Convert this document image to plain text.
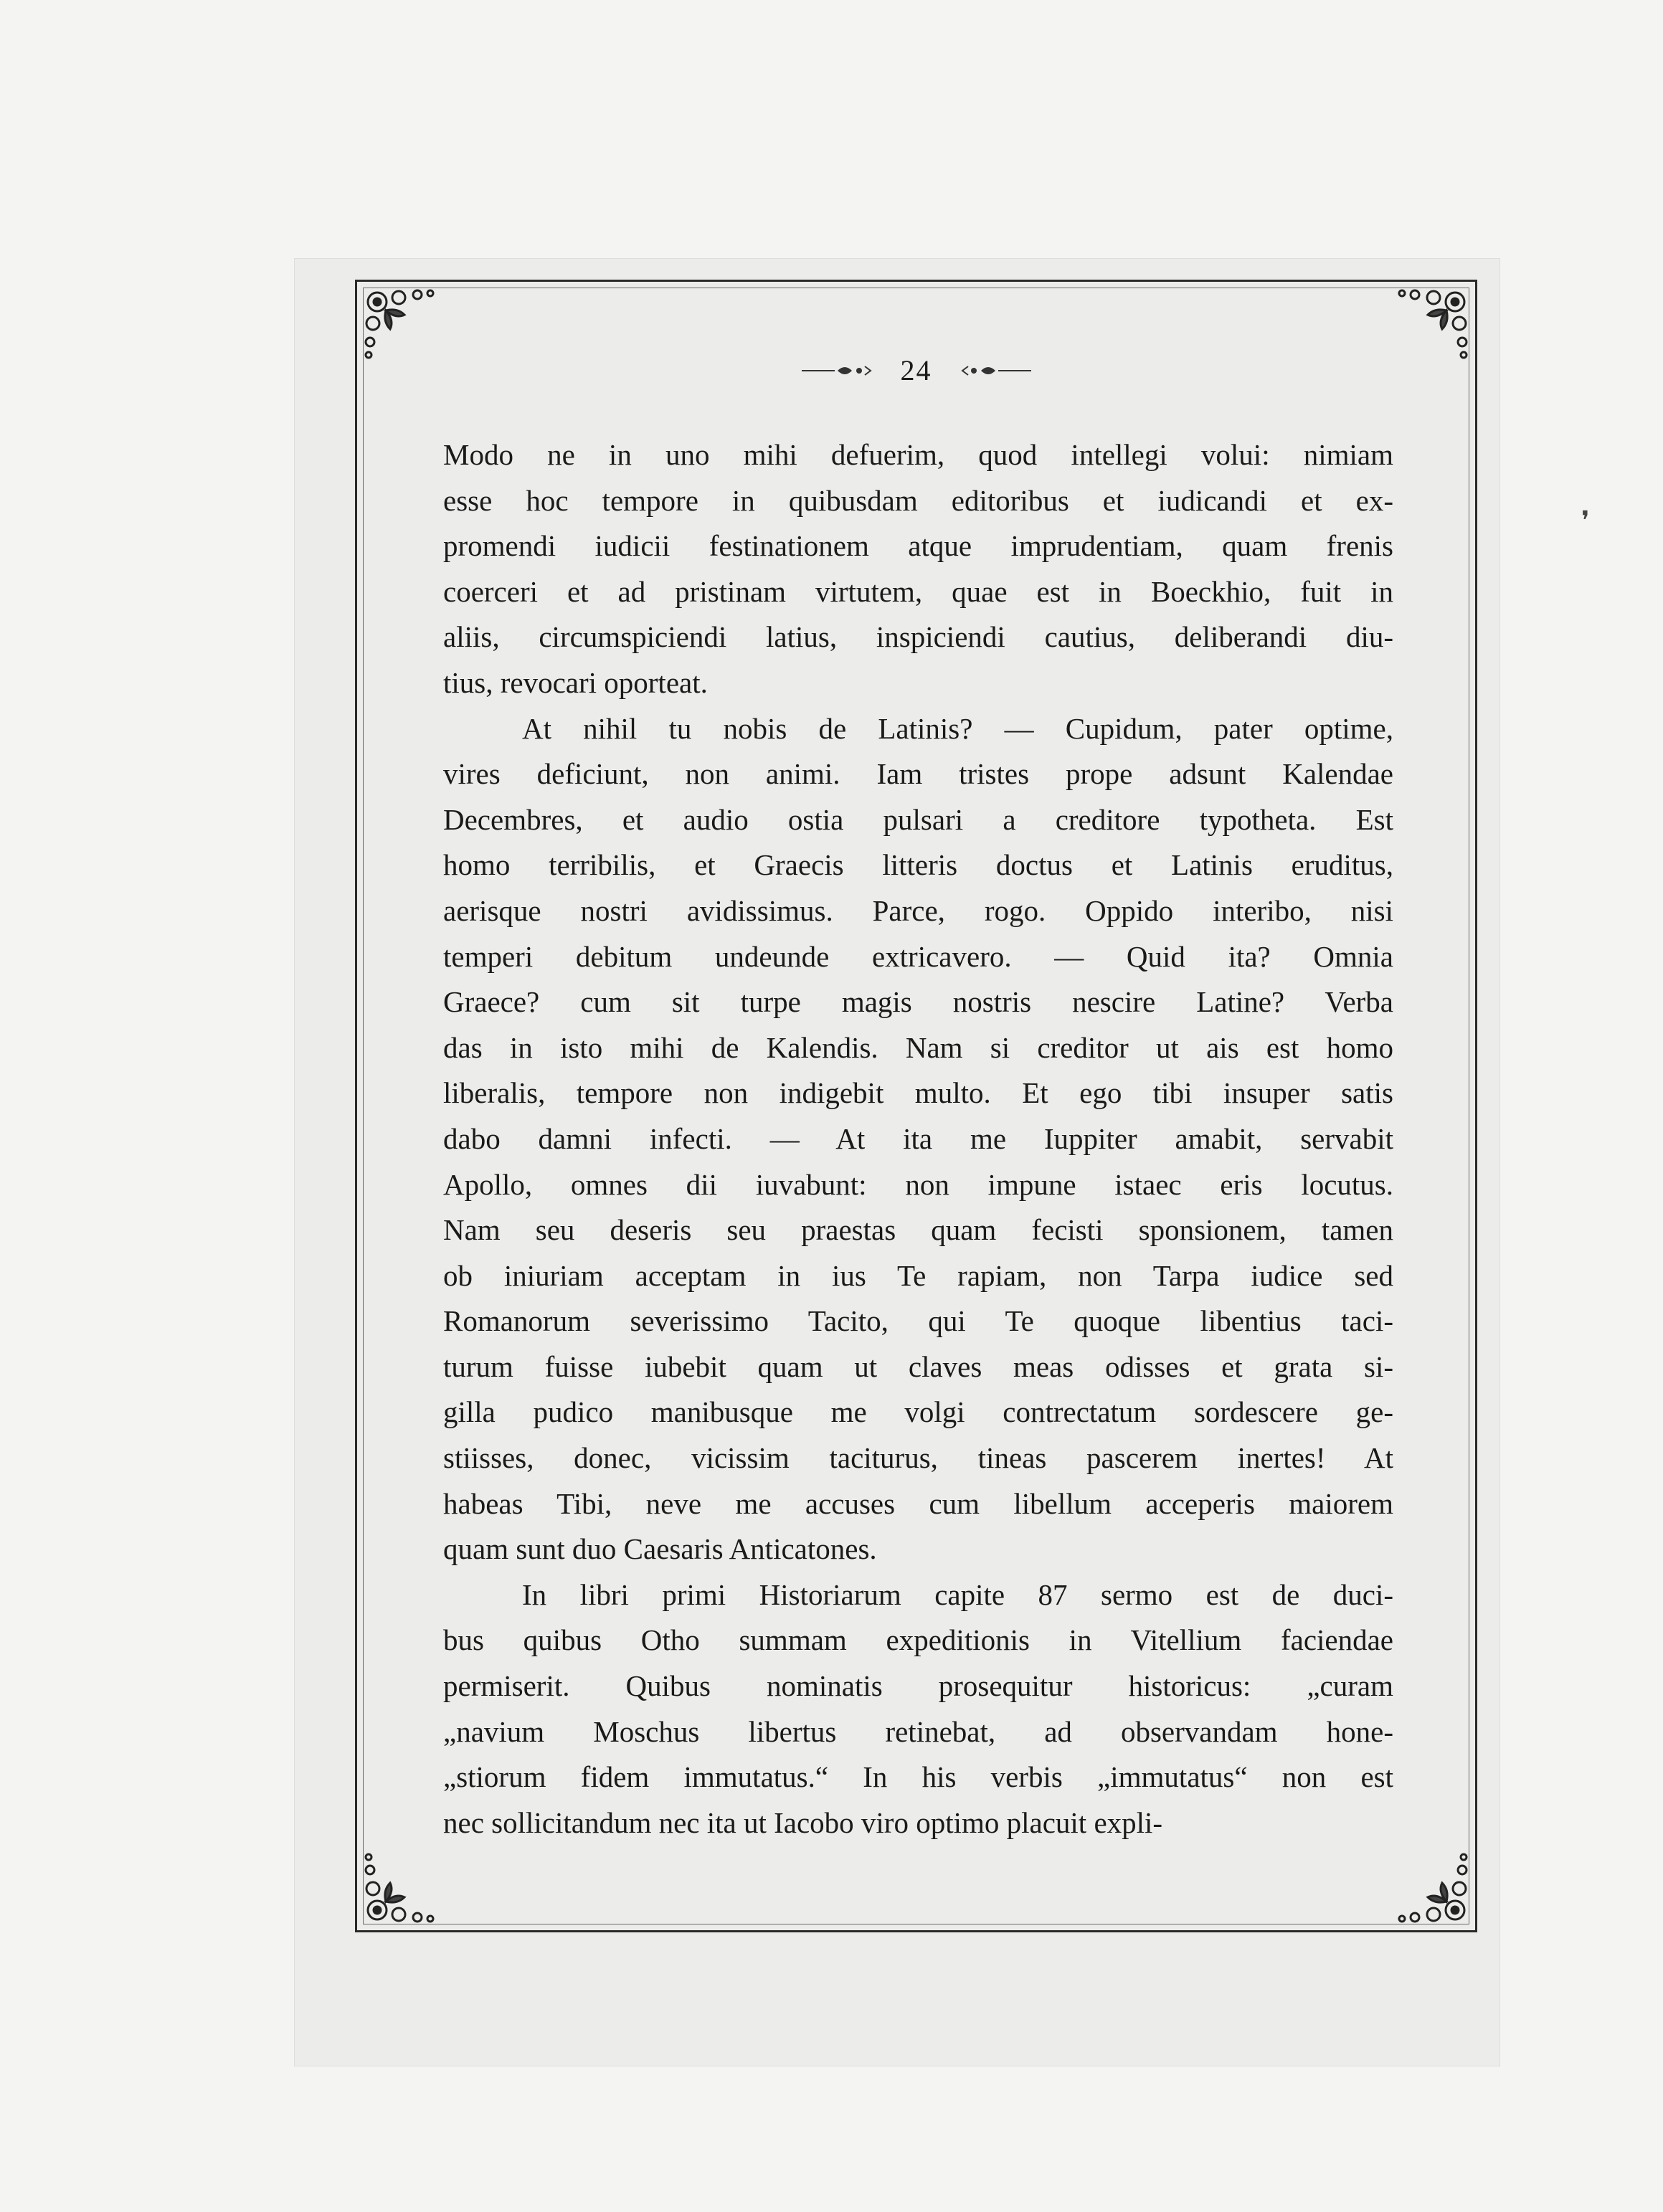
24

Modo ne in uno mihi defuerim, quod intellegi volui: nimiam
esse hoc tempore in quibusdam editoribus et iudicandi et ex-
promendi iudicii festinationem atque imprudentiam, quam frenis
coerceri et ad pristinam virtutem, quae est in Boeckhio, fuit in
aliis, circumspiciendi latius, inspiciendi cautius, deliberandi diu-
tius, revocari oporteat.

At nihil tu nobis de Latinis? — Cupidum, pater optime,
vires deficiunt, non animi. Iam tristes prope adsunt Kalendae
Decembres, et audio ostia pulsari a creditore typotheta. Est
homo terribilis, et Graecis litteris doctus et Latinis eruditus,
aerisque nostri avidissimus. Parce, rogo. Oppido interibo, nisi
temperi debitum undeunde extricavero. — Quid ita? Omnia
Graece? cum sit turpe magis nostris nescire Latine? Verba
das in isto mihi de Kalendis. Nam si creditor ut ais est homo
liberalis, tempore non indigebit multo. Et ego tibi insuper satis
dabo damni infecti. — At ita me Iuppiter amabit, servabit
Apollo, omnes dii iuvabunt: non impune istaec eris locutus.
Nam seu deseris seu praestas quam fecisti sponsionem, tamen
ob iniuriam acceptam in ius Te rapiam, non Tarpa iudice sed
Romanorum severissimo Tacito, qui Te quoque libentius taci-
turum fuisse iubebit quam ut claves meas odisses et grata si-
gilla pudico manibusque me volgi contrectatum sordescere ge-
stiisses, donec, vicissim taciturus, tineas pascerem inertes! At
habeas Tibi, neve me accuses cum libellum acceperis maiorem
quam sunt duo Caesaris Anticatones.

In libri primi Historiarum capite 87 sermo est de duci-
bus quibus Otho summam expeditionis in Vitellium faciendae
permiserit. Quibus nominatis prosequitur historicus: „curam
„navium Moschus libertus retinebat, ad observandam hone-
„stiorum fidem immutatus.“ In his verbis „immutatus“ non est
nec sollicitandum nec ita ut Iacobo viro optimo placuit expli-

❜
